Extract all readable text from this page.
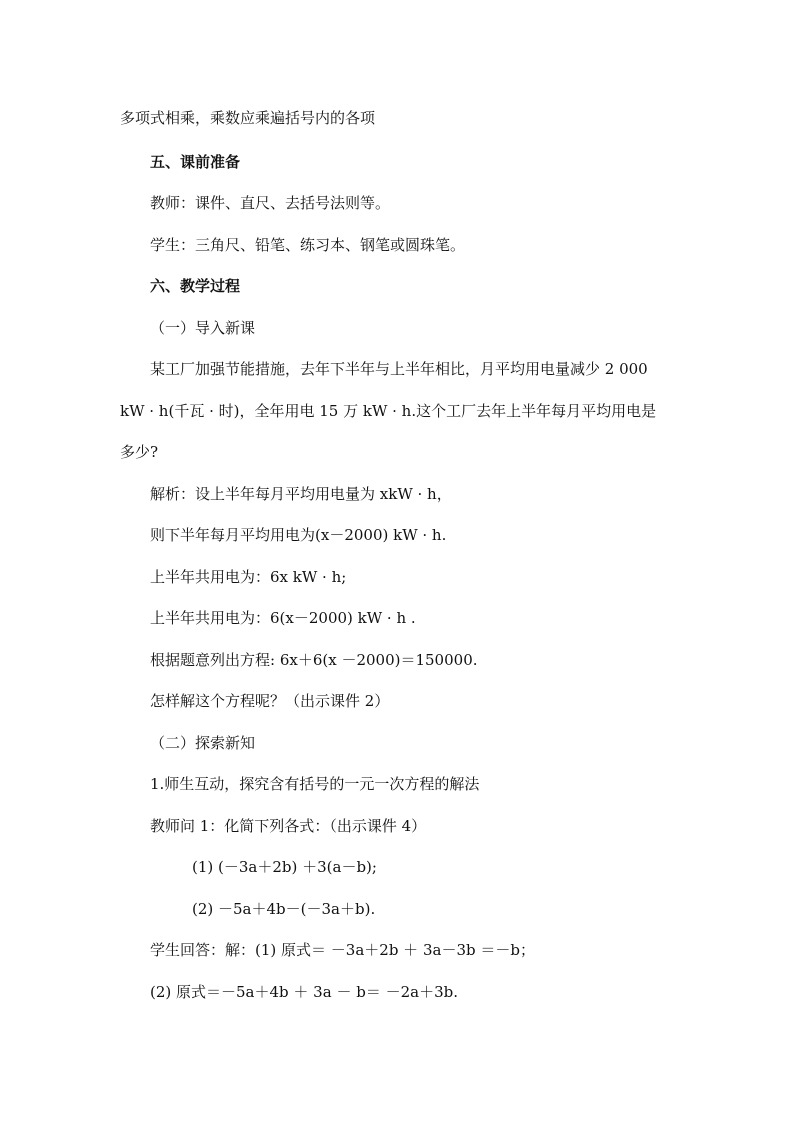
多项式相乘，乘数应乘遍括号内的各项
五、课前准备
教师：课件、直尺、去括号法则等。
学生：三角尺、铅笔、练习本、钢笔或圆珠笔。
六、教学过程
（一）导入新课
某工厂加强节能措施，去年下半年与上半年相比，月平均用电量减少 2 000
kW · h(千瓦 · 时)，全年用电 15 万 kW · h.这个工厂去年上半年每月平均用电是
多少?
解析：设上半年每月平均用电量为 xkW · h，
则下半年每月平均用电为(x－2000) kW · h.
上半年共用电为：6x kW · h;
上半年共用电为：6(x－2000) kW · h .
根据题意列出方程: 6x＋6(x －2000)＝150000.
怎样解这个方程呢？（出示课件 2）
（二）探索新知
1.师生互动，探究含有括号的一元一次方程的解法
教师问 1：化简下列各式：（出示课件 4）
(1) (－3a＋2b) ＋3(a－b);
(2) －5a＋4b－(－3a＋b).
学生回答：解：(1) 原式＝ －3a＋2b ＋ 3a－3b ＝－b；
(2) 原式＝－5a＋4b ＋ 3a － b＝ －2a＋3b.
